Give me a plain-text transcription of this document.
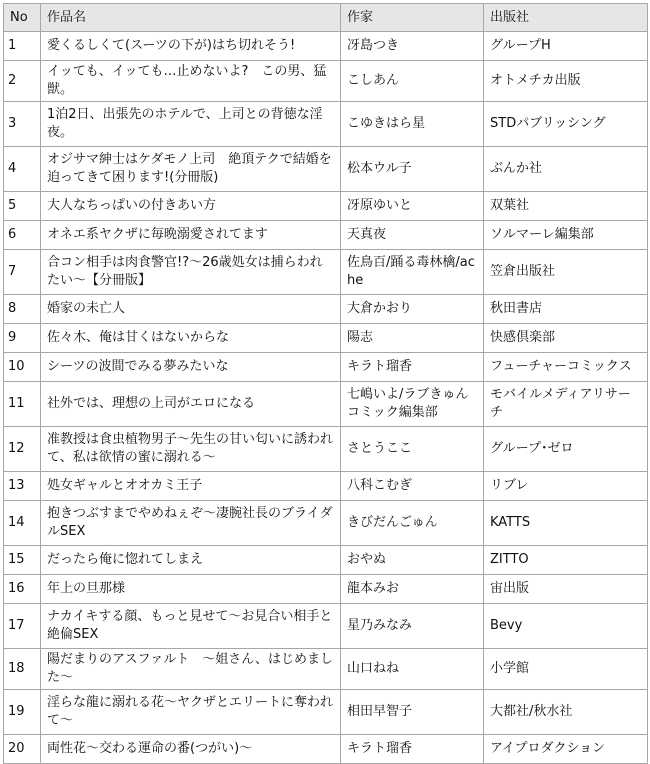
No	作品名	作家	出版社
1	愛くるしくて(スーツの下が)はち切れそう!	冴島つき	グループH
2	イッても、イッても…止めないよ?　この男、猛獣。	こしあん	オトメチカ出版
3	1泊2日、出張先のホテルで、上司との背徳な淫夜。	こゆきはら星	STDパブリッシング
4	オジサマ紳士はケダモノ上司　絶頂テクで結婚を迫ってきて困ります!(分冊版)	松本ウル子	ぶんか社
5	大人なちっぱいの付きあい方	冴原ゆいと	双葉社
6	オネエ系ヤクザに毎晩溺愛されてます	天真夜	ソルマーレ編集部
7	合コン相手は肉食警官!?～26歳処女は捕らわれたい～【分冊版】	佐鳥百/踊る毒林檎/ache	笠倉出版社
8	婚家の未亡人	大倉かおり	秋田書店
9	佐々木、俺は甘くはないからな	陽志	快感倶楽部
10	シーツの波間でみる夢みたいな	キラト瑠香	フューチャーコミックス
11	社外では、理想の上司がエロになる	七嶋いよ/ラブきゅんコミック編集部	モバイルメディアリサーチ
12	准教授は食虫植物男子～先生の甘い匂いに誘われて、私は欲情の蜜に溺れる～	さとうここ	グループ･ゼロ
13	処女ギャルとオオカミ王子	八科こむぎ	リブレ
14	抱きつぶすまでやめねぇぞ～凄腕社長のブライダルSEX	きびだんごゅん	KATTS
15	だったら俺に惚れてしまえ	おやぬ	ZITTO
16	年上の旦那様	龍本みお	宙出版
17	ナカイキする顔、もっと見せて～お見合い相手と絶倫SEX	星乃みなみ	Bevy
18	陽だまりのアスファルト　～姐さん、はじめました～	山口ねね	小学館
19	淫らな龍に溺れる花～ヤクザとエリートに奪われて～	相田早智子	大都社/秋水社
20	両性花～交わる運命の番(つがい)～	キラト瑠香	アイプロダクション
